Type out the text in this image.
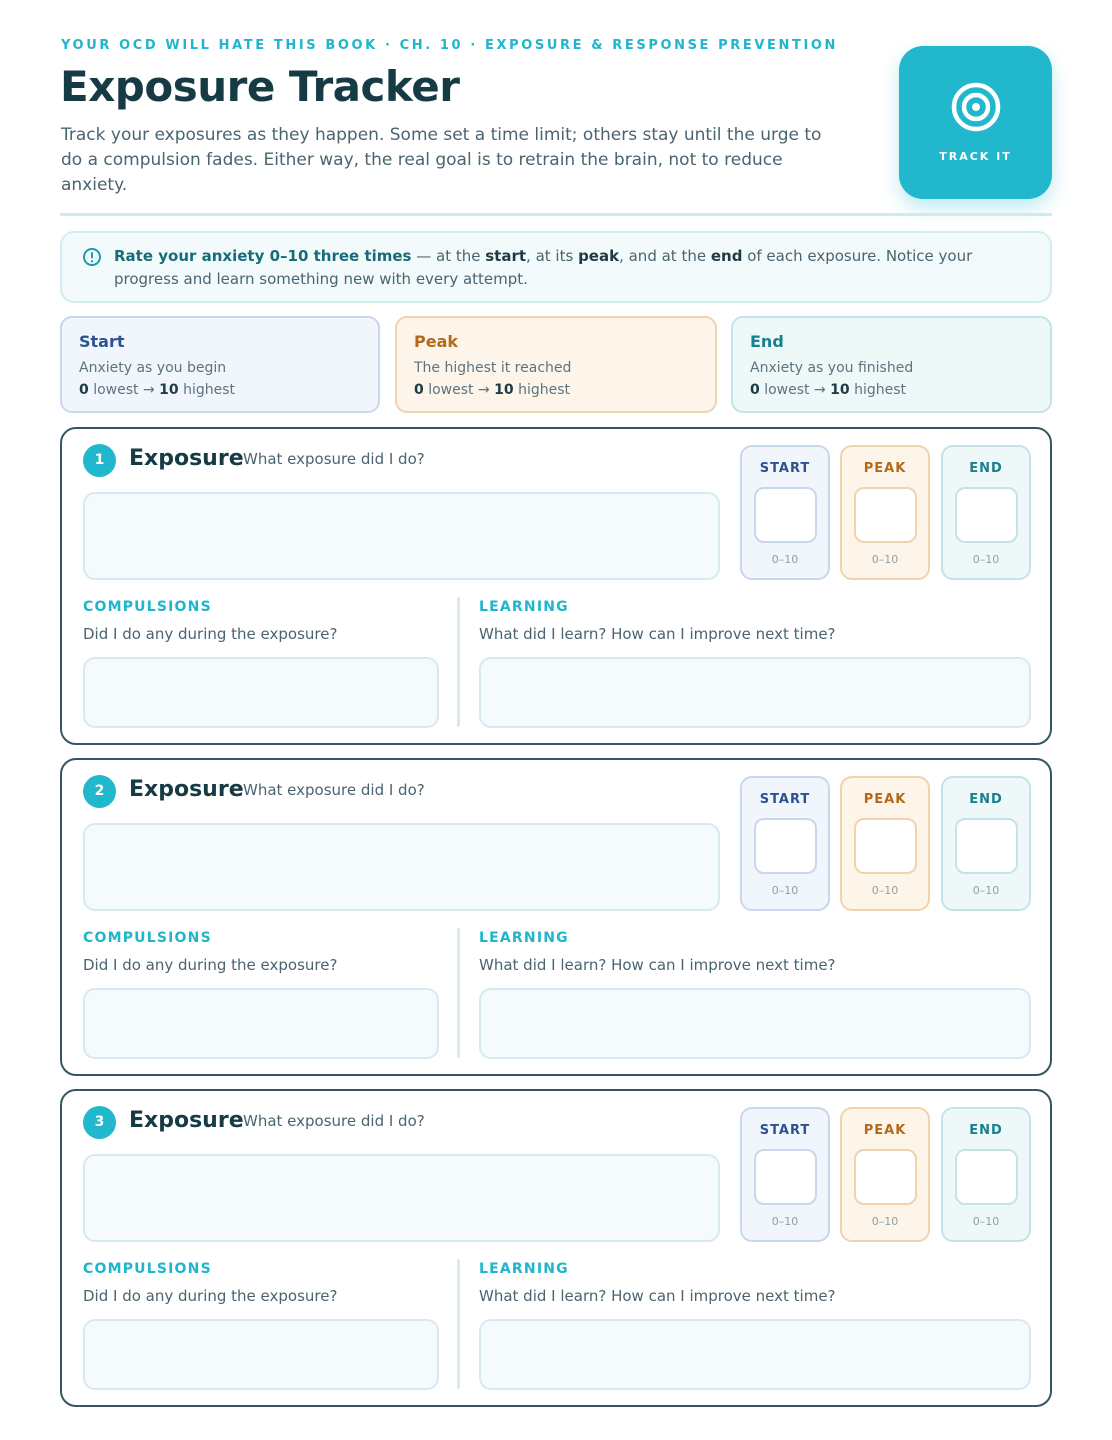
YOUR OCD WILL HATE THIS BOOK · CH. 10 · EXPOSURE & RESPONSE PREVENTION
Exposure Tracker

Track your exposures as they happen. Some set a time limit; others stay until the urge to do a compulsion fades. Either way, the real goal is to retrain the brain, not to reduce anxiety.

TRACK IT

Rate your anxiety 0–10 three times — at the start, at its peak, and at the end of each exposure. Notice your progress and learn something new with every attempt.

Start
Anxiety as you begin
0 lowest → 10 highest
Peak
The highest it reached
0 lowest → 10 highest
End
Anxiety as you finished
0 lowest → 10 highest
1	Exposure What exposure did I do?
START
0–10
PEAK
0–10
END
0–10
COMPULSIONS
Did I do any during the exposure?
LEARNING
What did I learn? How can I improve next time?
2	Exposure What exposure did I do?
START
0–10
PEAK
0–10
END
0–10
COMPULSIONS
Did I do any during the exposure?
LEARNING
What did I learn? How can I improve next time?
3	Exposure What exposure did I do?
START
0–10
PEAK
0–10
END
0–10
COMPULSIONS
Did I do any during the exposure?
LEARNING
What did I learn? How can I improve next time?
